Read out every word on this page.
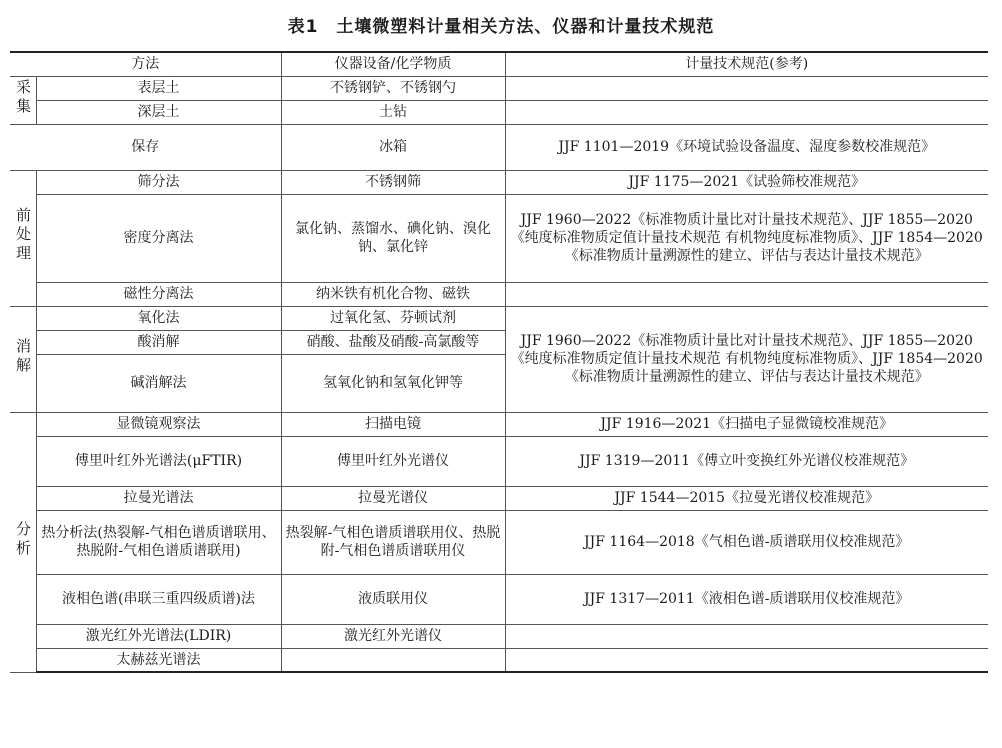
表1 土壤微塑料计量相关方法、仪器和计量技术规范
方法		仪器设备/化学物质	计量技术规范(参考)
采集	表层土	不锈钢铲、不锈钢勺	
	深层土	土钻	
保存		冰箱	JJF 1101—2019《环境试验设备温度、湿度参数校准规范》
前处理	筛分法	不锈钢筛	JJF 1175—2021《试验筛校准规范》
	密度分离法	氯化钠、蒸馏水、碘化钠、溴化钠、氯化锌	JJF 1960—2022《标准物质计量比对计量技术规范》、JJF 1855—2020《纯度标准物质定值计量技术规范 有机物纯度标准物质》、JJF 1854—2020《标准物质计量溯源性的建立、评估与表达计量技术规范》
	磁性分离法	纳米铁有机化合物、磁铁	
消解	氧化法	过氧化氢、芬顿试剂	JJF 1960—2022《标准物质计量比对计量技术规范》、JJF 1855—2020《纯度标准物质定值计量技术规范 有机物纯度标准物质》、JJF 1854—2020《标准物质计量溯源性的建立、评估与表达计量技术规范》
	酸消解	硝酸、盐酸及硝酸-高氯酸等	
	碱消解法	氢氧化钠和氢氧化钾等	
分析	显微镜观察法	扫描电镜	JJF 1916—2021《扫描电子显微镜校准规范》
	傅里叶红外光谱法(μFTIR)	傅里叶红外光谱仪	JJF 1319—2011《傅立叶变换红外光谱仪校准规范》
	拉曼光谱法	拉曼光谱仪	JJF 1544—2015《拉曼光谱仪校准规范》
	热分析法(热裂解-气相色谱质谱联用、热脱附-气相色谱质谱联用)	热裂解-气相色谱质谱联用仪、热脱附-气相色谱质谱联用仪	JJF 1164—2018《气相色谱-质谱联用仪校准规范》
	液相色谱(串联三重四级质谱)法	液质联用仪	JJF 1317—2011《液相色谱-质谱联用仪校准规范》
	激光红外光谱法(LDIR)	激光红外光谱仪	
	太赫兹光谱法		
